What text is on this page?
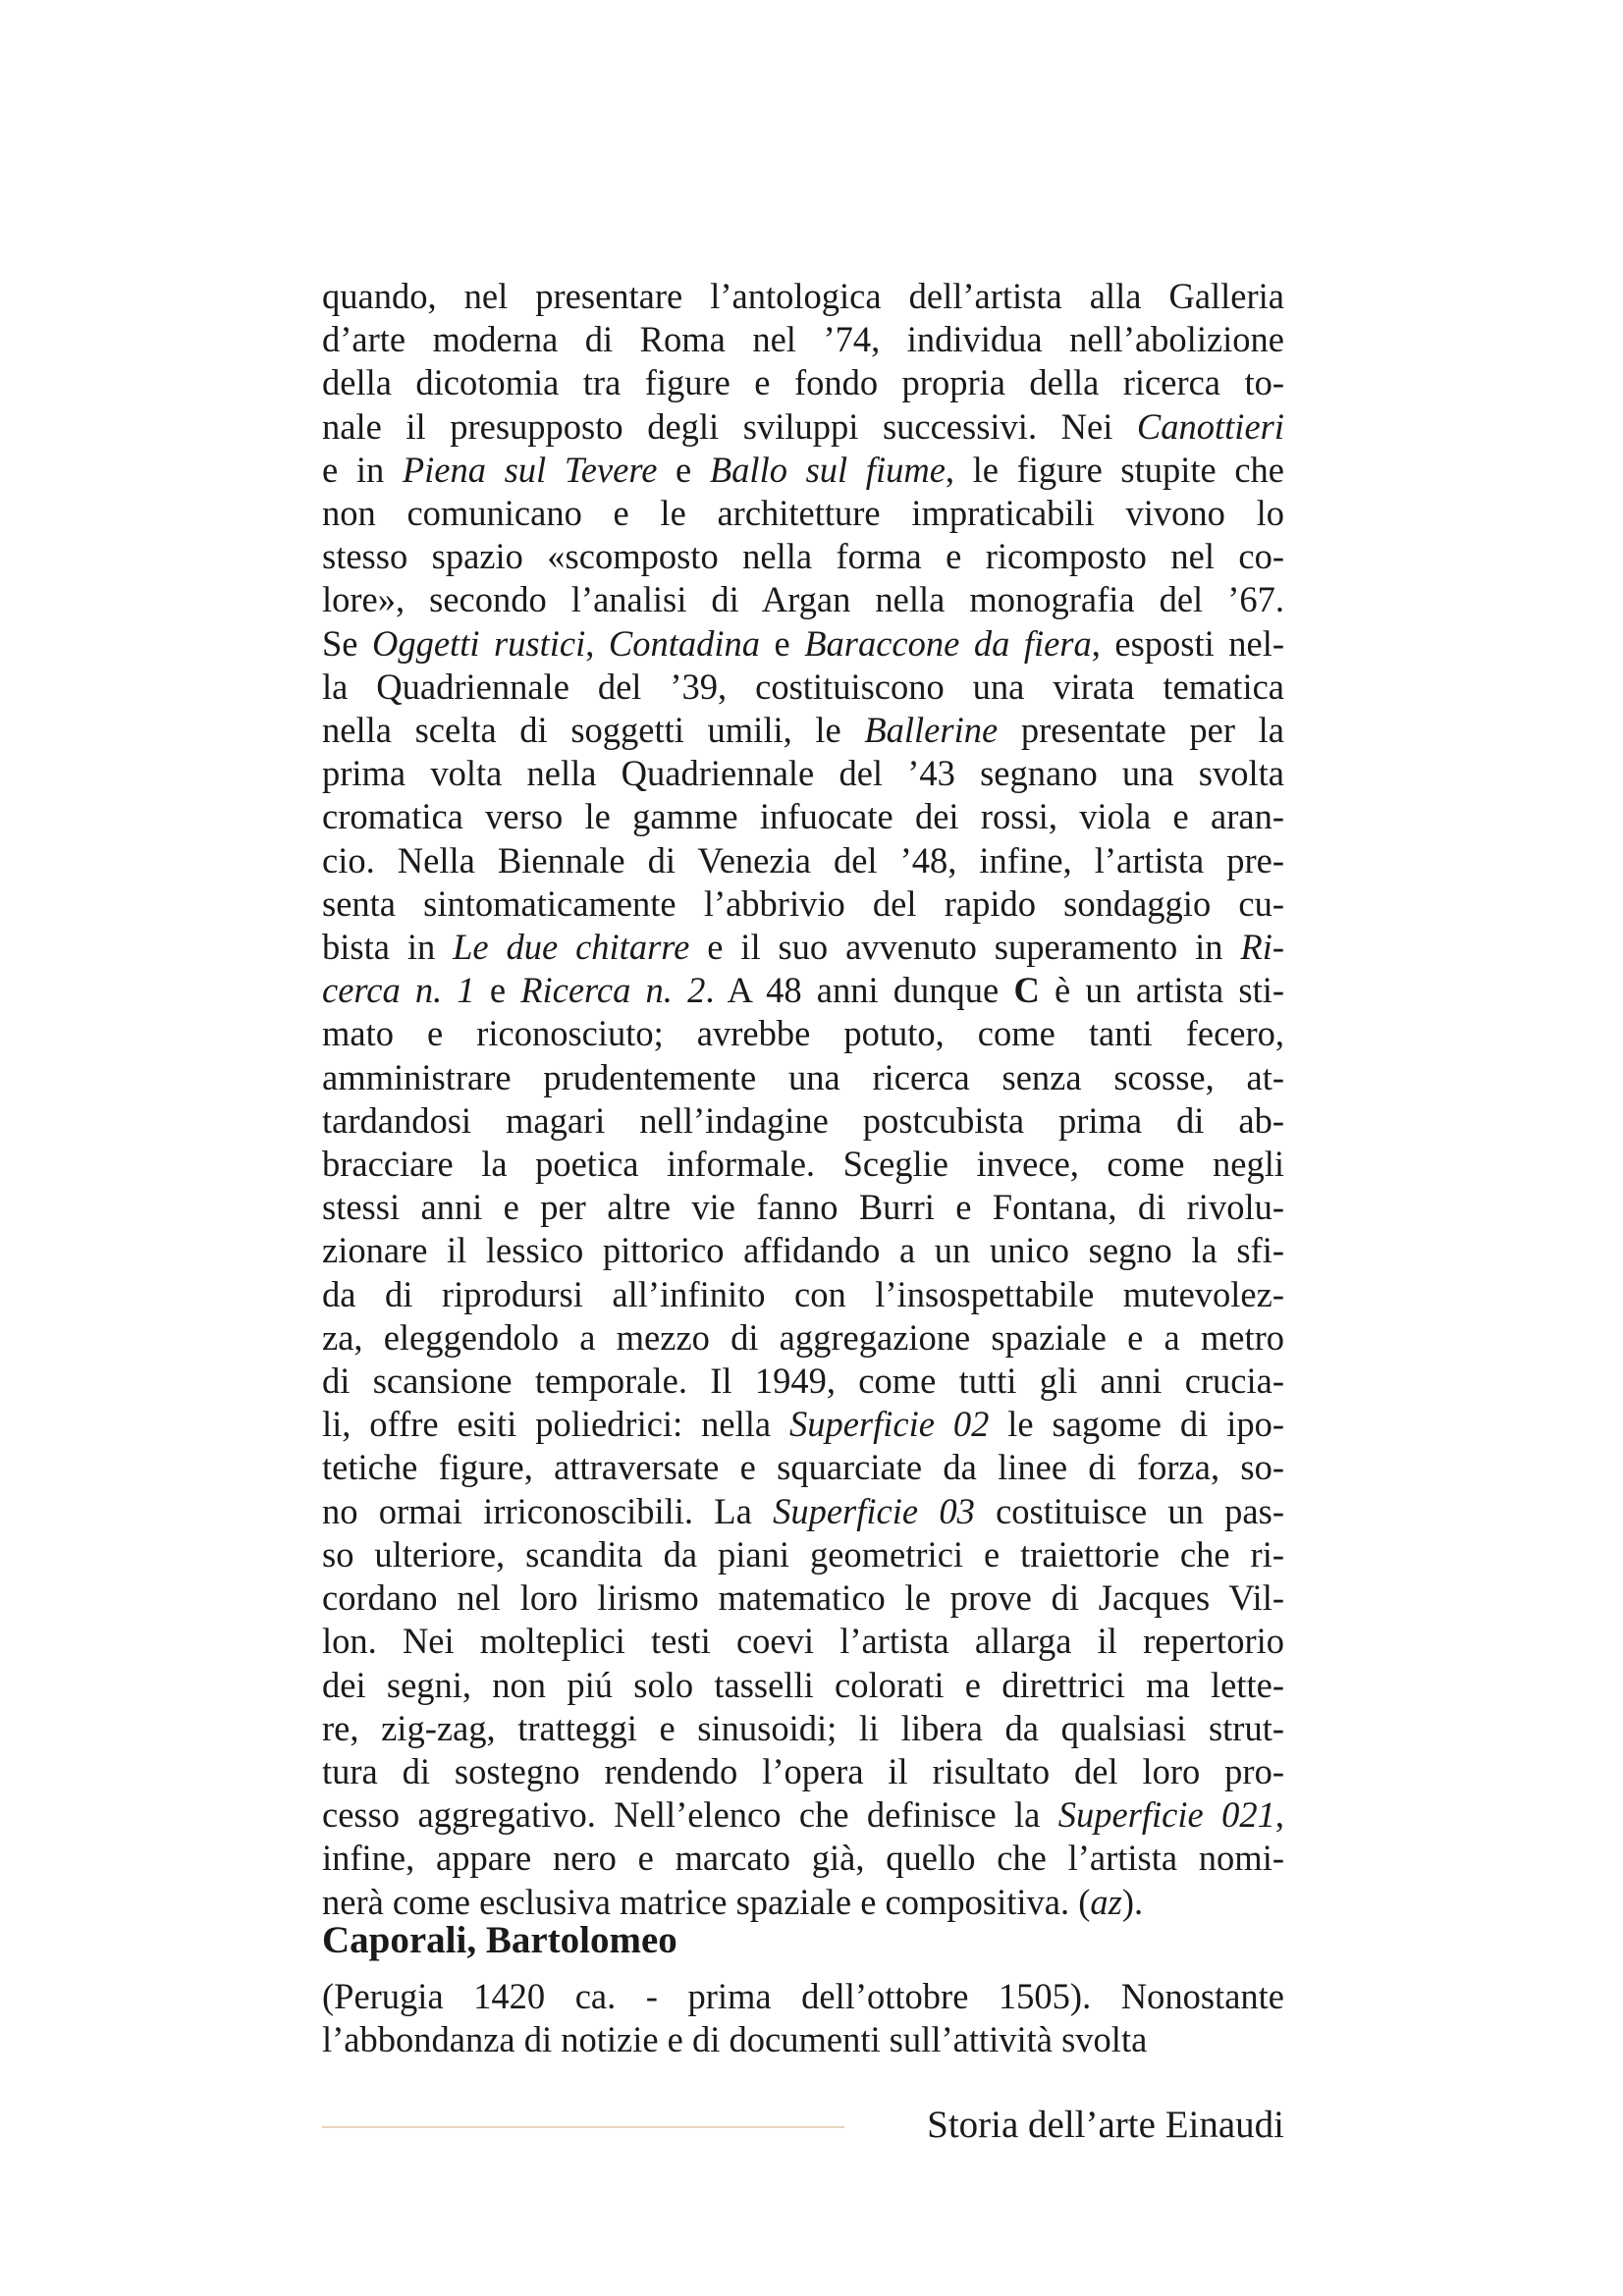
quando, nel presentare l’antologica dell’artista alla Galleria
d’arte moderna di Roma nel ’74, individua nell’abolizione
della dicotomia tra figure e fondo propria della ricerca to-
nale il presupposto degli sviluppi successivi. Nei Canottieri
e in Piena sul Tevere e Ballo sul fiume, le figure stupite che
non comunicano e le architetture impraticabili vivono lo
stesso spazio «scomposto nella forma e ricomposto nel co-
lore», secondo l’analisi di Argan nella monografia del ’67.
Se Oggetti rustici, Contadina e Baraccone da fiera, esposti nel-
la Quadriennale del ’39, costituiscono una virata tematica
nella scelta di soggetti umili, le Ballerine presentate per la
prima volta nella Quadriennale del ’43 segnano una svolta
cromatica verso le gamme infuocate dei rossi, viola e aran-
cio. Nella Biennale di Venezia del ’48, infine, l’artista pre-
senta sintomaticamente l’abbrivio del rapido sondaggio cu-
bista in Le due chitarre e il suo avvenuto superamento in Ri-
cerca n. 1 e Ricerca n. 2. A 48 anni dunque C è un artista sti-
mato e riconosciuto; avrebbe potuto, come tanti fecero,
amministrare prudentemente una ricerca senza scosse, at-
tardandosi magari nell’indagine postcubista prima di ab-
bracciare la poetica informale. Sceglie invece, come negli
stessi anni e per altre vie fanno Burri e Fontana, di rivolu-
zionare il lessico pittorico affidando a un unico segno la sfi-
da di riprodursi all’infinito con l’insospettabile mutevolez-
za, eleggendolo a mezzo di aggregazione spaziale e a metro
di scansione temporale. Il 1949, come tutti gli anni crucia-
li, offre esiti poliedrici: nella Superficie 02 le sagome di ipo-
tetiche figure, attraversate e squarciate da linee di forza, so-
no ormai irriconoscibili. La Superficie 03 costituisce un pas-
so ulteriore, scandita da piani geometrici e traiettorie che ri-
cordano nel loro lirismo matematico le prove di Jacques Vil-
lon. Nei molteplici testi coevi l’artista allarga il repertorio
dei segni, non piú solo tasselli colorati e direttrici ma lette-
re, zig-zag, tratteggi e sinusoidi; li libera da qualsiasi strut-
tura di sostegno rendendo l’opera il risultato del loro pro-
cesso aggregativo. Nell’elenco che definisce la Superficie 021,
infine, appare nero e marcato già, quello che l’artista nomi-
nerà come esclusiva matrice spaziale e compositiva. (az).
Caporali, Bartolomeo
(Perugia 1420 ca. - prima dell’ottobre 1505). Nonostante
l’abbondanza di notizie e di documenti sull’attività svolta
Storia dell’arte Einaudi
